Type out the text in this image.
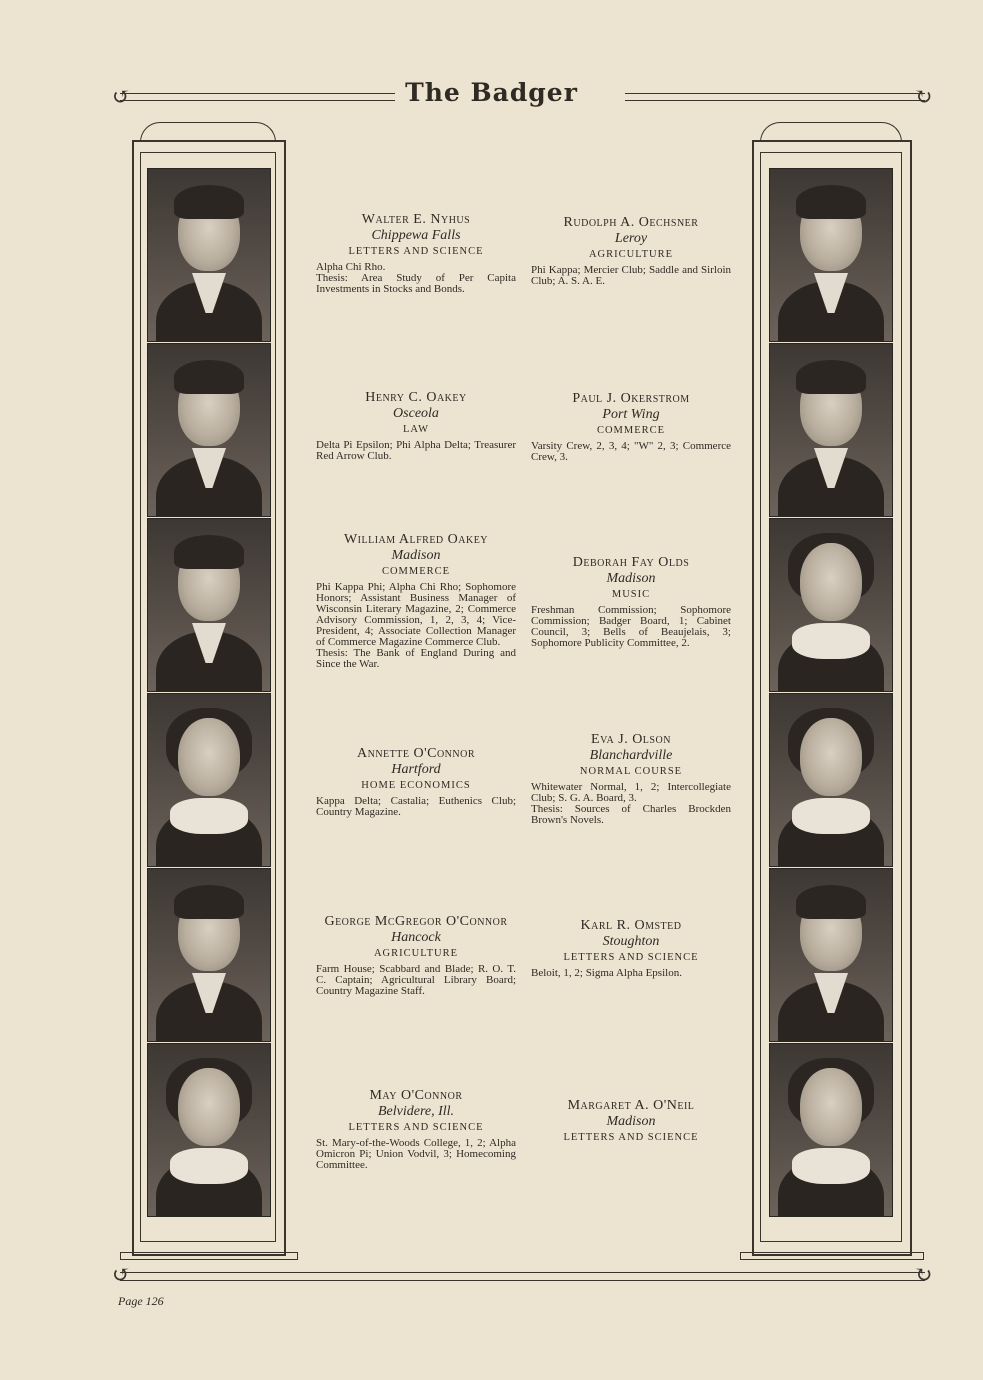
↺	↻
The Badger
Walter E. Nyhus
Chippewa Falls
LETTERS AND SCIENCE
Alpha Chi Rho.
Thesis: Area Study of Per Capita Investments in Stocks and Bonds.
Henry C. Oakey
Osceola
LAW
Delta Pi Epsilon; Phi Alpha Delta; Treasurer Red Arrow Club.
William Alfred Oakey
Madison
COMMERCE
Phi Kappa Phi; Alpha Chi Rho; Sophomore Honors; Assistant Business Manager of Wisconsin Literary Magazine, 2; Commerce Advisory Commission, 1, 2, 3, 4; Vice-President, 4; Associate Collection Manager of Commerce Magazine Commerce Club.
Thesis: The Bank of England During and Since the War.
Annette O'Connor
Hartford
HOME ECONOMICS
Kappa Delta; Castalia; Euthenics Club; Country Magazine.
George McGregor O'Connor
Hancock
AGRICULTURE
Farm House; Scabbard and Blade; R. O. T. C. Captain; Agricultural Library Board; Country Magazine Staff.
May O'Connor
Belvidere, Ill.
LETTERS AND SCIENCE
St. Mary-of-the-Woods College, 1, 2; Alpha Omicron Pi; Union Vodvil, 3; Homecoming Committee.
Rudolph A. Oechsner
Leroy
AGRICULTURE
Phi Kappa; Mercier Club; Saddle and Sirloin Club; A. S. A. E.
Paul J. Okerstrom
Port Wing
COMMERCE
Varsity Crew, 2, 3, 4; "W" 2, 3; Commerce Crew, 3.
Deborah Fay Olds
Madison
MUSIC
Freshman Commission; Sophomore Commission; Badger Board, 1; Cabinet Council, 3; Bells of Beaujelais, 3; Sophomore Publicity Committee, 2.
Eva J. Olson
Blanchardville
NORMAL COURSE
Whitewater Normal, 1, 2; Intercollegiate Club; S. G. A. Board, 3.
Thesis: Sources of Charles Brockden Brown's Novels.
Karl R. Omsted
Stoughton
LETTERS AND SCIENCE
Beloit, 1, 2; Sigma Alpha Epsilon.
Margaret A. O'Neil
Madison
LETTERS AND SCIENCE
↺	↻
Page 126
